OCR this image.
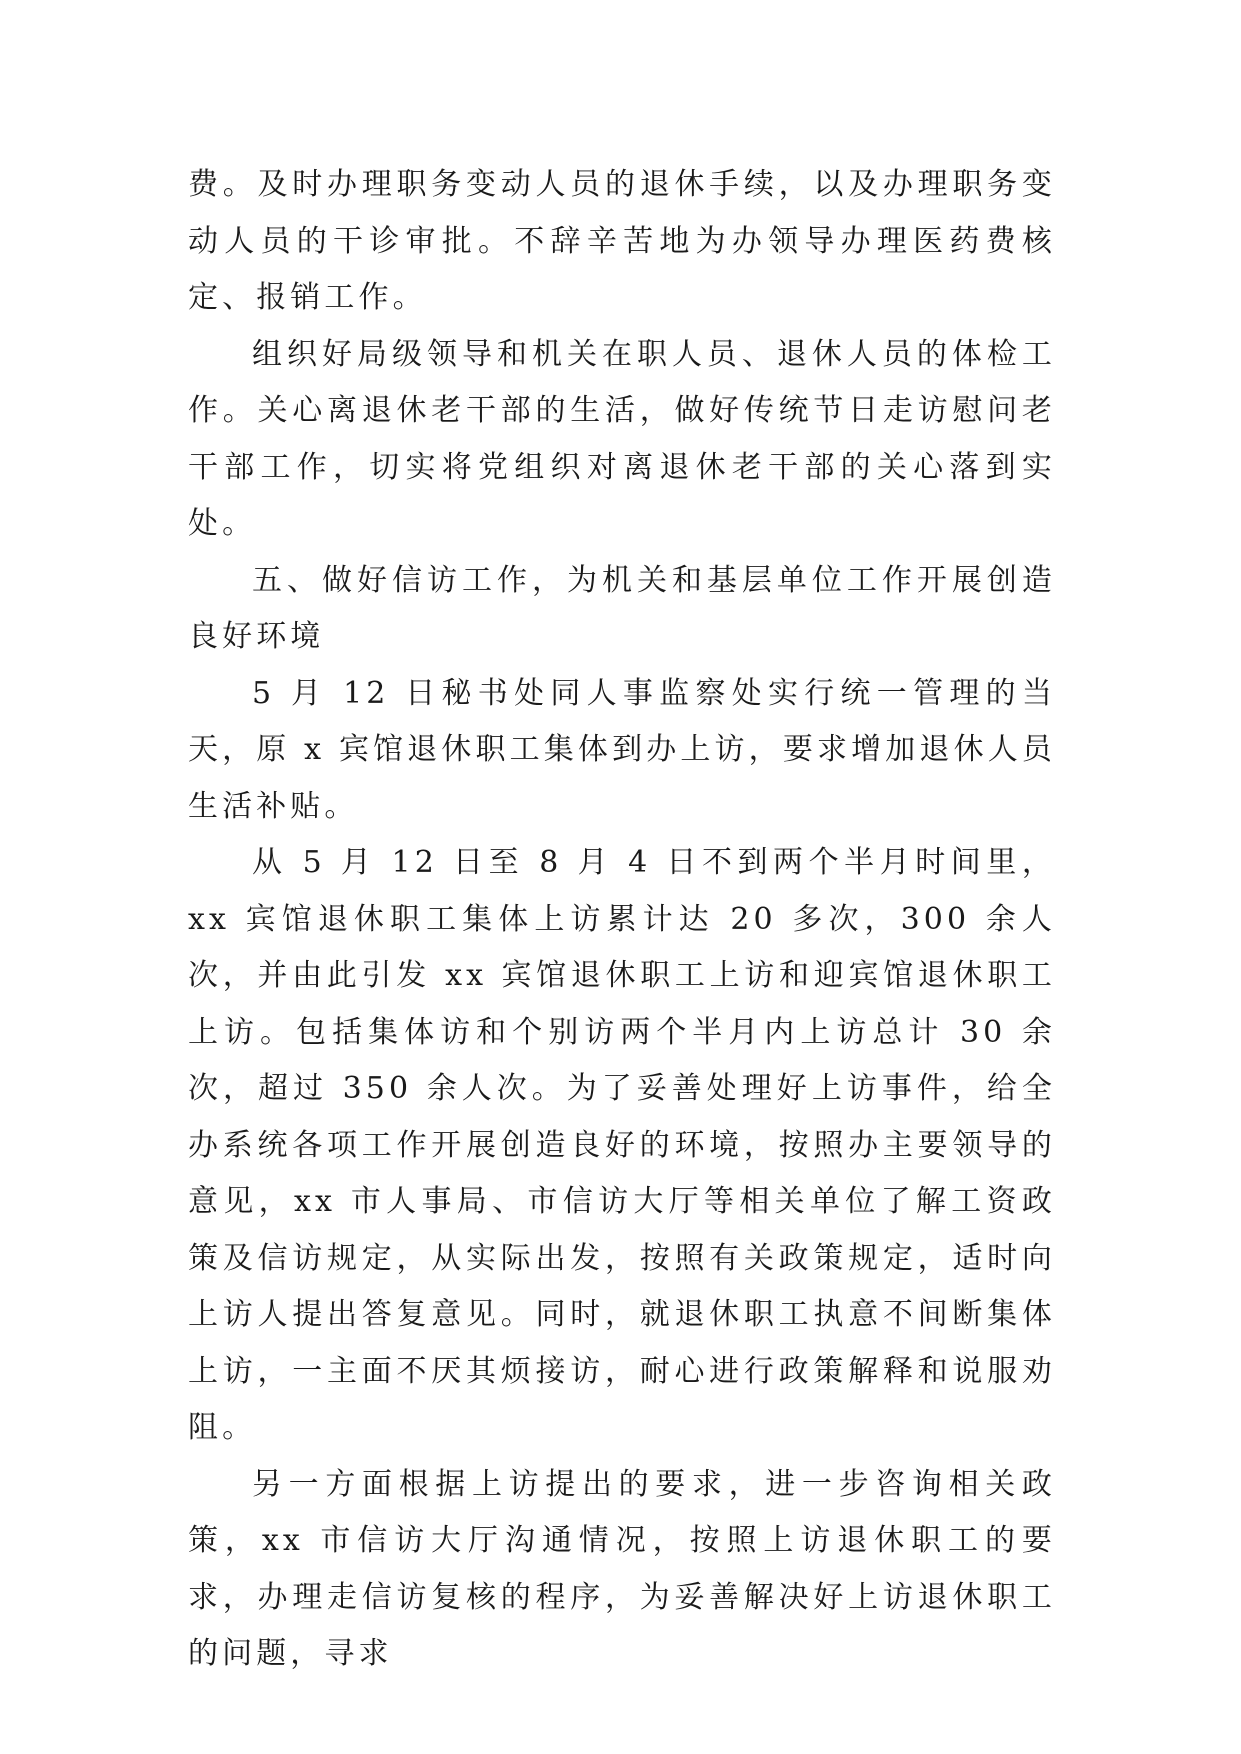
费。及时办理职务变动人员的退休手续，以及办理职务变动人员的干诊审批。不辞辛苦地为办领导办理医药费核定、报销工作。

组织好局级领导和机关在职人员、退休人员的体检工作。关心离退休老干部的生活，做好传统节日走访慰问老干部工作，切实将党组织对离退休老干部的关心落到实处。

五、做好信访工作，为机关和基层单位工作开展创造良好环境

5 月 12 日秘书处同人事监察处实行统一管理的当天，原 x 宾馆退休职工集体到办上访，要求增加退休人员生活补贴。

从 5 月 12 日至 8 月 4 日不到两个半月时间里，xx 宾馆退休职工集体上访累计达 20 多次，300 余人次，并由此引发 xx 宾馆退休职工上访和迎宾馆退休职工上访。包括集体访和个别访两个半月内上访总计 30 余次，超过 350 余人次。为了妥善处理好上访事件，给全办系统各项工作开展创造良好的环境，按照办主要领导的意见，xx 市人事局、市信访大厅等相关单位了解工资政策及信访规定，从实际出发，按照有关政策规定，适时向上访人提出答复意见。同时，就退休职工执意不间断集体上访，一主面不厌其烦接访，耐心进行政策解释和说服劝阻。

另一方面根据上访提出的要求，进一步咨询相关政策，xx 市信访大厅沟通情况，按照上访退休职工的要求，办理走信访复核的程序，为妥善解决好上访退休职工的问题，寻求
